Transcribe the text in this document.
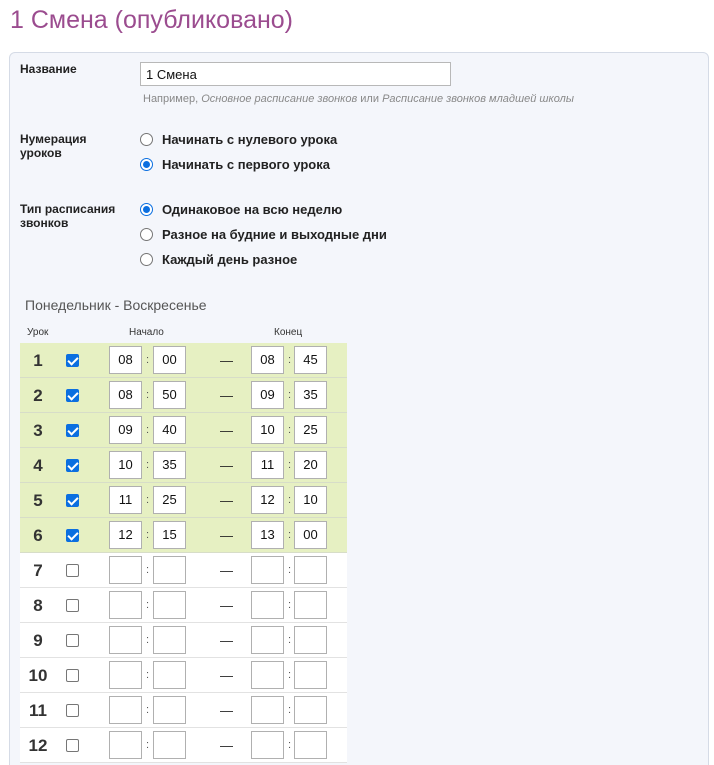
1 Смена (опубликовано)
Название
1 Смена
Например, Основное расписание звонков или Расписание звонков младшей школы
Нумерация
уроков
Начинать с нулевого урока
Начинать с первого урока
Тип расписания
звонков
Одинаковое на всю неделю
Разное на будние и выходные дни
Каждый день разное
Понедельник - Воскресенье
Урок	Начало	Конец
1	08	:	00	—	08	: 45
2	08	:	50	—	09	: 35
3	09	:	40	—	10	: 25
4	10	:	35	—	11	: 20
5	11	:	25	—	12	: 10
6	12	:	15	—	13	: 00
7	:	—	:
8	:	—	:
9	:	—	:
10	:	—	:
11	:	—	:
12	:	—	:
